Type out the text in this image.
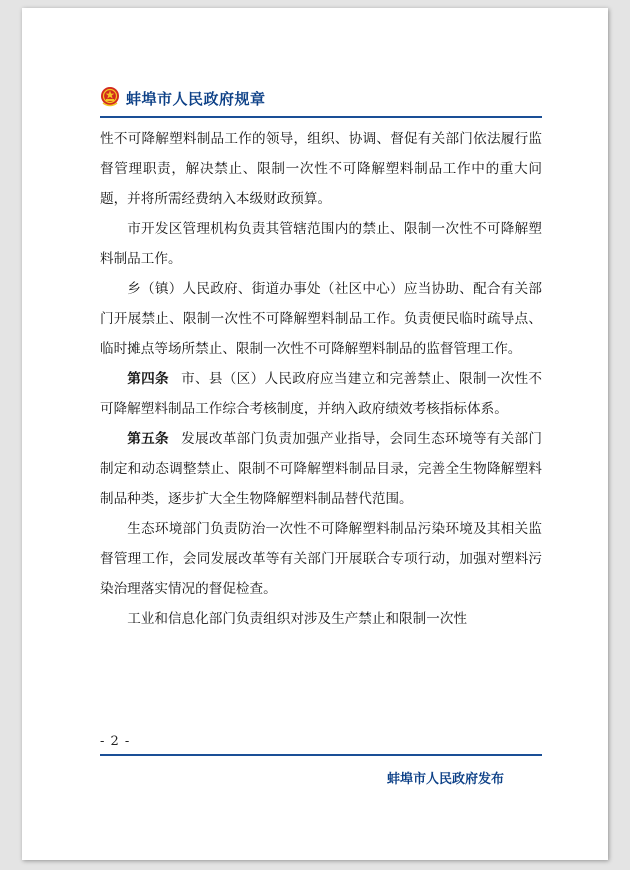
蚌埠市人民政府规章

性不可降解塑料制品工作的领导，组织、协调、督促有关部门依法履行监督管理职责，解决禁止、限制一次性不可降解塑料制品工作中的重大问题，并将所需经费纳入本级财政预算。

市开发区管理机构负责其管辖范围内的禁止、限制一次性不可降解塑料制品工作。

乡（镇）人民政府、街道办事处（社区中心）应当协助、配合有关部门开展禁止、限制一次性不可降解塑料制品工作。负责便民临时疏导点、临时摊点等场所禁止、限制一次性不可降解塑料制品的监督管理工作。

第四条 市、县（区）人民政府应当建立和完善禁止、限制一次性不可降解塑料制品工作综合考核制度，并纳入政府绩效考核指标体系。

第五条 发展改革部门负责加强产业指导，会同生态环境等有关部门制定和动态调整禁止、限制不可降解塑料制品目录，完善全生物降解塑料制品种类，逐步扩大全生物降解塑料制品替代范围。

生态环境部门负责防治一次性不可降解塑料制品污染环境及其相关监督管理工作，会同发展改革等有关部门开展联合专项行动，加强对塑料污染治理落实情况的督促检查。

工业和信息化部门负责组织对涉及生产禁止和限制一次性

- 2 -
蚌埠市人民政府发布
